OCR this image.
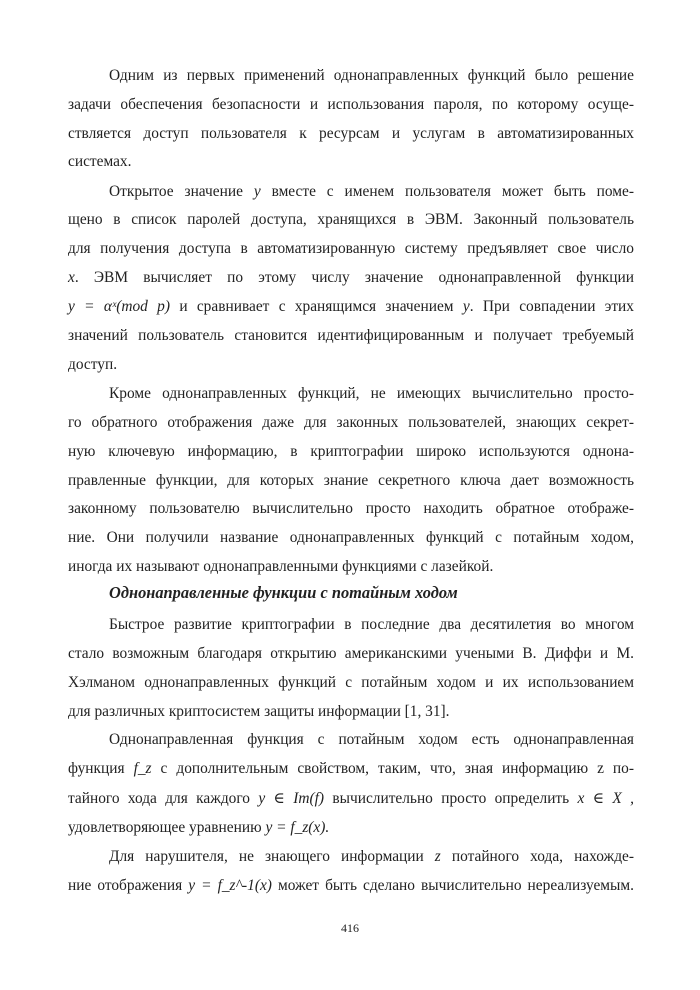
Одним из первых применений однонаправленных функций было решение
задачи обеспечения безопасности и использования пароля, по которому осуще-
ствляется доступ пользователя к ресурсам и услугам в автоматизированных
системах.
Открытое значение y вместе с именем пользователя может быть поме-
щено в список паролей доступа, хранящихся в ЭВМ. Законный пользователь
для получения доступа в автоматизированную систему предъявляет свое число
x. ЭВМ вычисляет по этому числу значение однонаправленной функции
y = αˣ(mod p) и сравнивает с хранящимся значением y. При совпадении этих
значений пользователь становится идентифицированным и получает требуемый
доступ.
Кроме однонаправленных функций, не имеющих вычислительно просто-
го обратного отображения даже для законных пользователей, знающих секрет-
ную ключевую информацию, в криптографии широко используются однона-
правленные функции, для которых знание секретного ключа дает возможность
законному пользователю вычислительно просто находить обратное отображе-
ние. Они получили название однонаправленных функций с потайным ходом,
иногда их называют однонаправленными функциями с лазейкой.
Однонаправленные функции с потайным ходом
Быстрое развитие криптографии в последние два десятилетия во многом
стало возможным благодаря открытию американскими учеными В. Диффи и М.
Хэлманом однонаправленных функций с потайным ходом и их использованием
для различных криптосистем защиты информации [1, 31].
Однонаправленная функция с потайным ходом есть однонаправленная
функция f_z с дополнительным свойством, таким, что, зная информацию z по-
тайного хода для каждого y ∈ Im(f) вычислительно просто определить x ∈ X ,
удовлетворяющее уравнению y = f_z(x).
Для нарушителя, не знающего информации z потайного хода, нахожде-
ние отображения y = f_z^-1(x) может быть сделано вычислительно нереализуемым.
416
